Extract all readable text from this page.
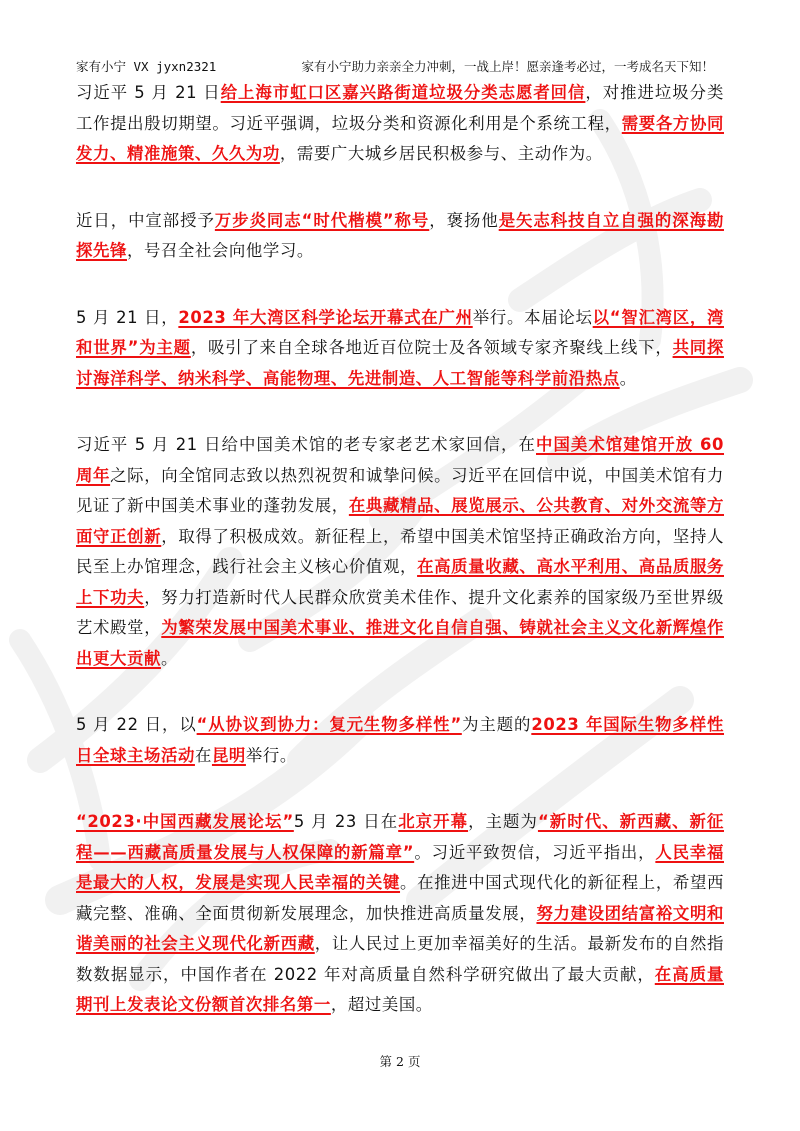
家有小宁 VX jyxn2321	家有小宁助力亲亲全力冲刺，一战上岸！愿亲逢考必过，一考成名天下知！

习近平 5 月 21 日给上海市虹口区嘉兴路街道垃圾分类志愿者回信，对推进垃圾分类工作提出殷切期望。习近平强调，垃圾分类和资源化利用是个系统工程，需要各方协同发力、精准施策、久久为功，需要广大城乡居民积极参与、主动作为。

近日，中宣部授予万步炎同志“时代楷模”称号，褒扬他是矢志科技自立自强的深海勘探先锋，号召全社会向他学习。

5 月 21 日，2023 年大湾区科学论坛开幕式在广州举行。本届论坛以“智汇湾区，湾和世界”为主题，吸引了来自全球各地近百位院士及各领域专家齐聚线上线下，共同探讨海洋科学、纳米科学、高能物理、先进制造、人工智能等科学前沿热点。

习近平 5 月 21 日给中国美术馆的老专家老艺术家回信，在中国美术馆建馆开放 60 周年之际，向全馆同志致以热烈祝贺和诚挚问候。习近平在回信中说，中国美术馆有力见证了新中国美术事业的蓬勃发展，在典藏精品、展览展示、公共教育、对外交流等方面守正创新，取得了积极成效。新征程上，希望中国美术馆坚持正确政治方向，坚持人民至上办馆理念，践行社会主义核心价值观，在高质量收藏、高水平利用、高品质服务上下功夫，努力打造新时代人民群众欣赏美术佳作、提升文化素养的国家级乃至世界级艺术殿堂，为繁荣发展中国美术事业、推进文化自信自强、铸就社会主义文化新辉煌作出更大贡献。

5 月 22 日，以“从协议到协力：复元生物多样性”为主题的2023 年国际生物多样性日全球主场活动在昆明举行。

“2023·中国西藏发展论坛”5 月 23 日在北京开幕，主题为“新时代、新西藏、新征程——西藏高质量发展与人权保障的新篇章”。习近平致贺信，习近平指出，人民幸福是最大的人权，发展是实现人民幸福的关键。在推进中国式现代化的新征程上，希望西藏完整、准确、全面贯彻新发展理念，加快推进高质量发展，努力建设团结富裕文明和谐美丽的社会主义现代化新西藏，让人民过上更加幸福美好的生活。最新发布的自然指数数据显示，中国作者在 2022 年对高质量自然科学研究做出了最大贡献，在高质量期刊上发表论文份额首次排名第一，超过美国。

第 2 页
